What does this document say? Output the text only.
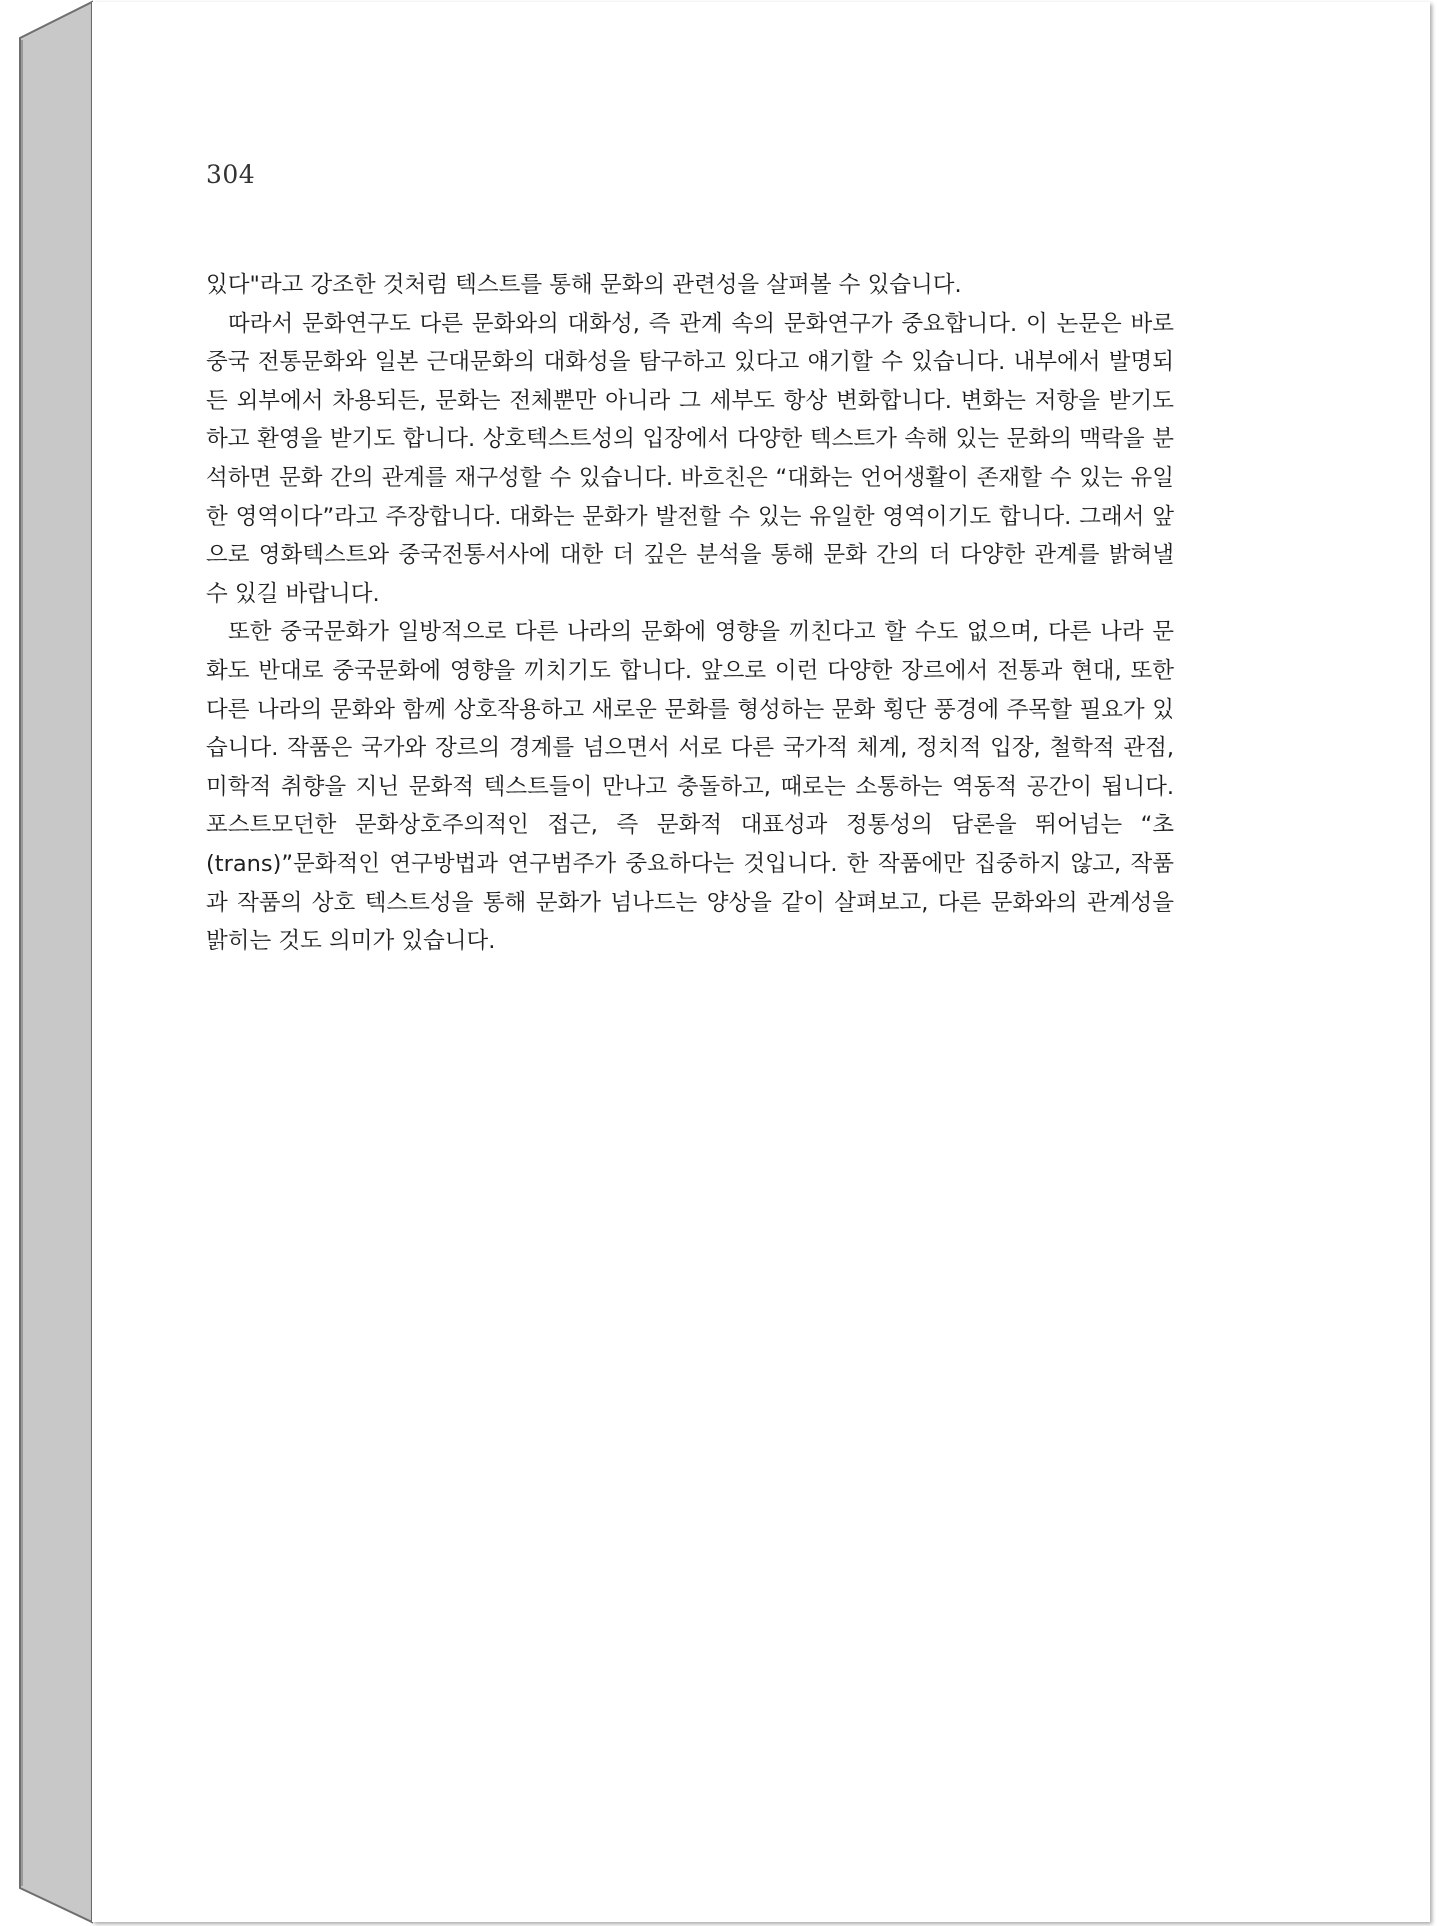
304

있다"라고 강조한 것처럼 텍스트를 통해 문화의 관련성을 살펴볼 수 있습니다.

따라서 문화연구도 다른 문화와의 대화성, 즉 관계 속의 문화연구가 중요합니다. 이 논문은 바로 중국 전통문화와 일본 근대문화의 대화성을 탐구하고 있다고 얘기할 수 있습니다. 내부에서 발명되든 외부에서 차용되든, 문화는 전체뿐만 아니라 그 세부도 항상 변화합니다. 변화는 저항을 받기도 하고 환영을 받기도 합니다. 상호텍스트성의 입장에서 다양한 텍스트가 속해 있는 문화의 맥락을 분석하면 문화 간의 관계를 재구성할 수 있습니다. 바흐친은 “대화는 언어생활이 존재할 수 있는 유일한 영역이다”라고 주장합니다. 대화는 문화가 발전할 수 있는 유일한 영역이기도 합니다. 그래서 앞으로 영화텍스트와 중국전통서사에 대한 더 깊은 분석을 통해 문화 간의 더 다양한 관계를 밝혀낼 수 있길 바랍니다.

또한 중국문화가 일방적으로 다른 나라의 문화에 영향을 끼친다고 할 수도 없으며, 다른 나라 문화도 반대로 중국문화에 영향을 끼치기도 합니다. 앞으로 이런 다양한 장르에서 전통과 현대, 또한 다른 나라의 문화와 함께 상호작용하고 새로운 문화를 형성하는 문화 횡단 풍경에 주목할 필요가 있습니다. 작품은 국가와 장르의 경계를 넘으면서 서로 다른 국가적 체계, 정치적 입장, 철학적 관점, 미학적 취향을 지닌 문화적 텍스트들이 만나고 충돌하고, 때로는 소통하는 역동적 공간이 됩니다. 포스트모던한 문화상호주의적인 접근, 즉 문화적 대표성과 정통성의 담론을 뛰어넘는 “초(trans)”문화적인 연구방법과 연구범주가 중요하다는 것입니다. 한 작품에만 집중하지 않고, 작품과 작품의 상호 텍스트성을 통해 문화가 넘나드는 양상을 같이 살펴보고, 다른 문화와의 관계성을 밝히는 것도 의미가 있습니다.
